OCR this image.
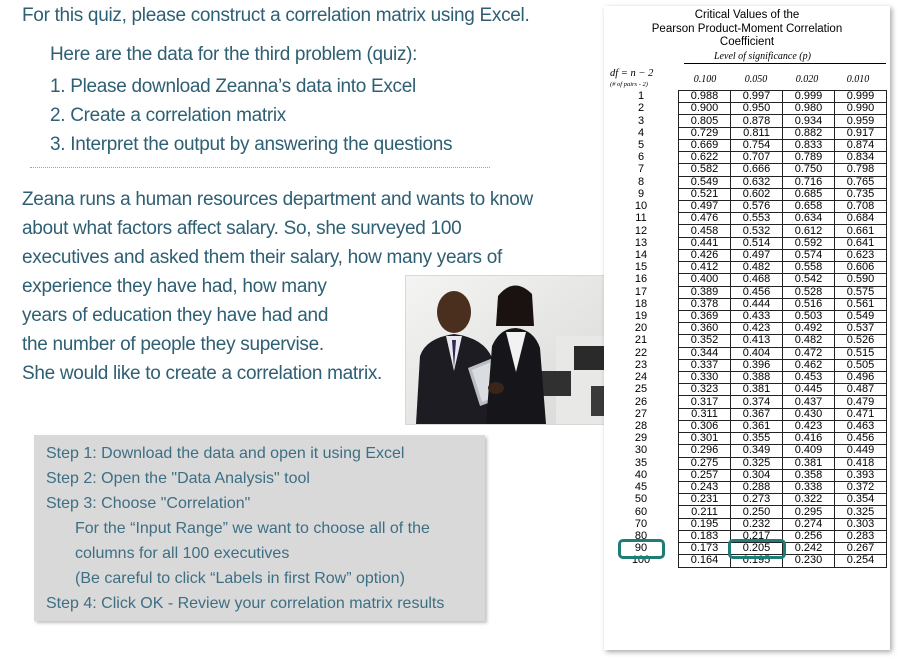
For this quiz, please construct a correlation matrix using Excel.
Here are the data for the third problem (quiz):
1. Please download Zeanna’s data into Excel
2. Create a correlation matrix
3. Interpret the output by answering the questions
Zeana runs a human resources department and wants to know
about what factors affect salary. So, she surveyed 100
executives and asked them their salary, how many years of
experience they have had, how many
years of education they have had and
the number of people they supervise.
She would like to create a correlation matrix.
Step 1: Download the data and open it using Excel
Step 2: Open the "Data Analysis" tool
Step 3: Choose "Correlation"
For the “Input Range” we want to choose all of the
columns for all 100 executives
(Be careful to click “Labels in first Row” option)
Step 4: Click OK - Review your correlation matrix results
Critical Values of the
Pearson Product-Moment Correlation
Coefficient
Level of significance (p)
df = n − 2
(# of pairs - 2)	0.100	0.050	0.020	0.010
1	0.988	0.997	0.999	0.999
2	0.900	0.950	0.980	0.990
3	0.805	0.878	0.934	0.959
4	0.729	0.811	0.882	0.917
5	0.669	0.754	0.833	0.874
6	0.622	0.707	0.789	0.834
7	0.582	0.666	0.750	0.798
8	0.549	0.632	0.716	0.765
9	0.521	0.602	0.685	0.735
10	0.497	0.576	0.658	0.708
11	0.476	0.553	0.634	0.684
12	0.458	0.532	0.612	0.661
13	0.441	0.514	0.592	0.641
14	0.426	0.497	0.574	0.623
15	0.412	0.482	0.558	0.606
16	0.400	0.468	0.542	0.590
17	0.389	0.456	0.528	0.575
18	0.378	0.444	0.516	0.561
19	0.369	0.433	0.503	0.549
20	0.360	0.423	0.492	0.537
21	0.352	0.413	0.482	0.526
22	0.344	0.404	0.472	0.515
23	0.337	0.396	0.462	0.505
24	0.330	0.388	0.453	0.496
25	0.323	0.381	0.445	0.487
26	0.317	0.374	0.437	0.479
27	0.311	0.367	0.430	0.471
28	0.306	0.361	0.423	0.463
29	0.301	0.355	0.416	0.456
30	0.296	0.349	0.409	0.449
35	0.275	0.325	0.381	0.418
40	0.257	0.304	0.358	0.393
45	0.243	0.288	0.338	0.372
50	0.231	0.273	0.322	0.354
60	0.211	0.250	0.295	0.325
70	0.195	0.232	0.274	0.303
80	0.183	0.217	0.256	0.283
90	0.173	0.205	0.242	0.267
100	0.164	0.195	0.230	0.254
